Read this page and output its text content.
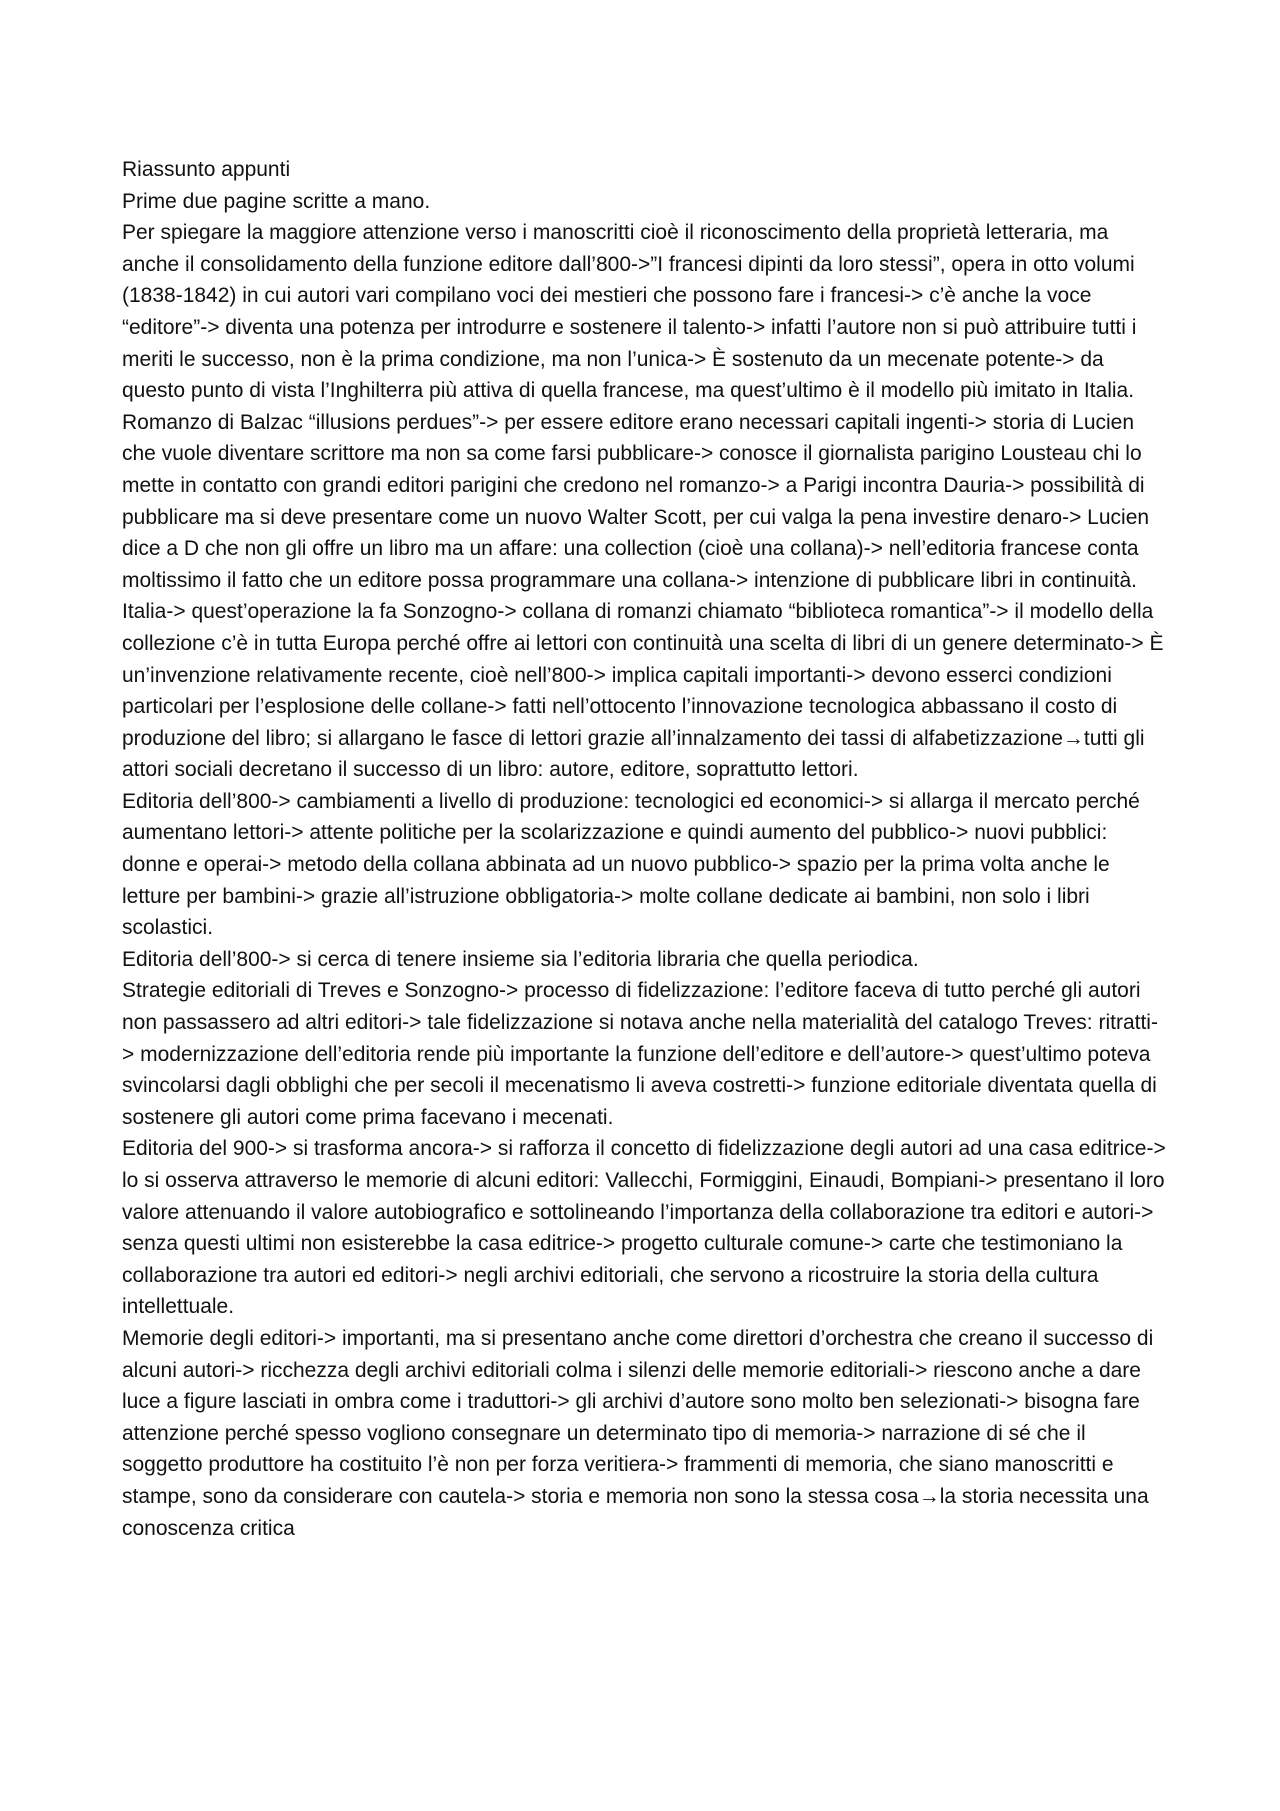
Riassunto appunti

Prime due pagine scritte a mano.

Per spiegare la maggiore attenzione verso i manoscritti cioè il riconoscimento della proprietà letteraria, ma anche il consolidamento della funzione editore dall’800->”I francesi dipinti da loro stessi”, opera in otto volumi (1838-1842) in cui autori vari compilano voci dei mestieri che possono fare i francesi-> c’è anche la voce “editore”-> diventa una potenza per introdurre e sostenere il talento-> infatti l’autore non si può attribuire tutti i meriti le successo, non è la prima condizione, ma non l’unica-> È sostenuto da un mecenate potente-> da questo punto di vista l’Inghilterra più attiva di quella francese, ma quest’ultimo è il modello più imitato in Italia.

Romanzo di Balzac “illusions perdues”-> per essere editore erano necessari capitali ingenti-> storia di Lucien che vuole diventare scrittore ma non sa come farsi pubblicare-> conosce il giornalista parigino Lousteau chi lo mette in contatto con grandi editori parigini che credono nel romanzo-> a Parigi incontra Dauria-> possibilità di pubblicare ma si deve presentare come un nuovo Walter Scott, per cui valga la pena investire denaro-> Lucien dice a D che non gli offre un libro ma un affare: una collection (cioè una collana)-> nell’editoria francese conta moltissimo il fatto che un editore possa programmare una collana-> intenzione di pubblicare libri in continuità.

Italia-> quest’operazione la fa Sonzogno-> collana di romanzi chiamato “biblioteca romantica”-> il modello della collezione c’è in tutta Europa perché offre ai lettori con continuità una scelta di libri di un genere determinato-> È un’invenzione relativamente recente, cioè nell’800-> implica capitali importanti-> devono esserci condizioni particolari per l’esplosione delle collane-> fatti nell’ottocento l’innovazione tecnologica abbassano il costo di produzione del libro; si allargano le fasce di lettori grazie all’innalzamento dei tassi di alfabetizzazione→tutti gli attori sociali decretano il successo di un libro: autore, editore, soprattutto lettori.

Editoria dell’800-> cambiamenti a livello di produzione: tecnologici ed economici-> si allarga il mercato perché aumentano lettori-> attente politiche per la scolarizzazione e quindi aumento del pubblico-> nuovi pubblici: donne e operai-> metodo della collana abbinata ad un nuovo pubblico-> spazio per la prima volta anche le letture per bambini-> grazie all’istruzione obbligatoria-> molte collane dedicate ai bambini, non solo i libri scolastici.

Editoria dell’800-> si cerca di tenere insieme sia l’editoria libraria che quella periodica.

Strategie editoriali di Treves e Sonzogno-> processo di fidelizzazione: l’editore faceva di tutto perché gli autori non passassero ad altri editori-> tale fidelizzazione si notava anche nella materialità del catalogo Treves: ritratti-> modernizzazione dell’editoria rende più importante la funzione dell’editore e dell’autore-> quest’ultimo poteva svincolarsi dagli obblighi che per secoli il mecenatismo li aveva costretti-> funzione editoriale diventata quella di sostenere gli autori come prima facevano i mecenati.

Editoria del 900-> si trasforma ancora-> si rafforza il concetto di fidelizzazione degli autori ad una casa editrice-> lo si osserva attraverso le memorie di alcuni editori: Vallecchi, Formiggini, Einaudi, Bompiani-> presentano il loro valore attenuando il valore autobiografico e sottolineando l’importanza della collaborazione tra editori e autori-> senza questi ultimi non esisterebbe la casa editrice-> progetto culturale comune-> carte che testimoniano la collaborazione tra autori ed editori-> negli archivi editoriali, che servono a ricostruire la storia della cultura intellettuale.

Memorie degli editori-> importanti, ma si presentano anche come direttori d’orchestra che creano il successo di alcuni autori-> ricchezza degli archivi editoriali colma i silenzi delle memorie editoriali-> riescono anche a dare luce a figure lasciati in ombra come i traduttori-> gli archivi d’autore sono molto ben selezionati-> bisogna fare attenzione perché spesso vogliono consegnare un determinato tipo di memoria-> narrazione di sé che il soggetto produttore ha costituito l’è non per forza veritiera-> frammenti di memoria, che siano manoscritti e stampe, sono da considerare con cautela-> storia e memoria non sono la stessa cosa→la storia necessita una conoscenza critica
